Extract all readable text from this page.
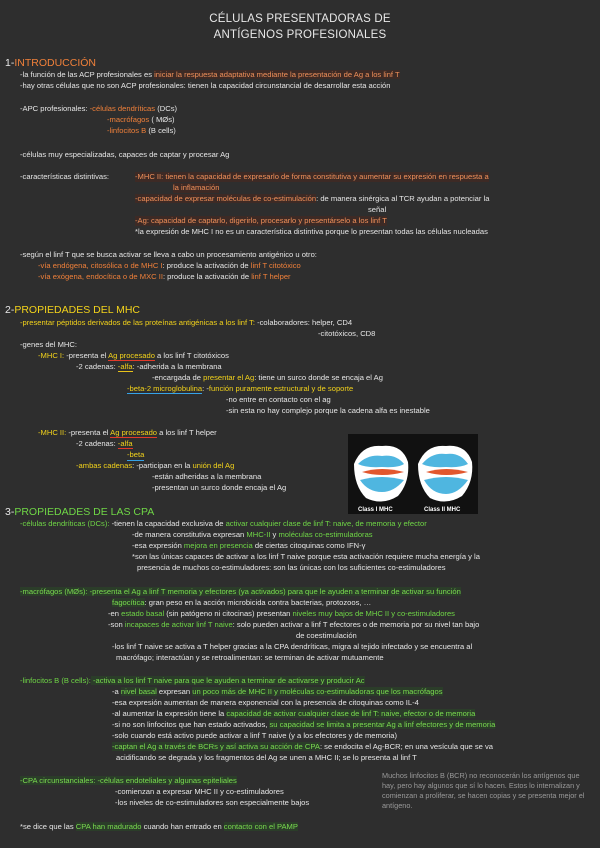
CÉLULAS PRESENTADORAS DE
ANTÍGENOS PROFESIONALES
1-INTRODUCCIÓN
-la función de las ACP profesionales es iniciar la respuesta adaptativa mediante la presentación de Ag a los linf T
-hay otras células que no son ACP profesionales: tienen la capacidad circunstancial de desarrollar esta acción
-APC profesionales: -células dendríticas (DCs)
-macrófagos ( MØs)
-linfocitos B (B cells)
-células muy especializadas, capaces de captar y procesar Ag
-características distintivas:	-MHC II: tienen la capacidad de expresarlo de forma constitutiva y aumentar su expresión en respuesta a
la inflamación
-capacidad de expresar moléculas de co-estimulación: de manera sinérgica al TCR ayudan a potenciar la
señal
-Ag: capacidad de captarlo, digerirlo, procesarlo y presentárselo a los linf T
*la expresión de MHC I no es un característica distintiva porque lo presentan todas las células nucleadas
-según el linf T que se busca activar se lleva a cabo un procesamiento antigénico u otro:
-vía endógena, citosólica o de MHC I: produce la activación de linf T citotóxico
-vía exógena, endocítica o de MXC II: produce la activación de linf T helper
2-PROPIEDADES DEL MHC
-presentar péptidos derivados de las proteínas antigénicas a los linf T: -colaboradores: helper, CD4
-citotóxicos, CD8
-genes del MHC:
-MHC I: -presenta el Ag procesado a los linf T citotóxicos
-2 cadenas: -alfa: -adherida a la membrana
-encargada de presentar el Ag: tiene un surco donde se encaja el Ag
-beta-2 microglobulina: -función puramente estructural y de soporte
-no entre en contacto con el ag
-sin esta no hay complejo porque la cadena alfa es inestable
-MHC II: -presenta el Ag procesado a los linf T helper
-2 cadenas: -alfa
-beta
-ambas cadenas: -participan en la unión del Ag
-están adheridas a la membrana
-presentan un surco donde encaja el Ag
Class I MHC	Class II MHC
3-PROPIEDADES DE LAS CPA
-células dendríticas (DCs): -tienen la capacidad exclusiva de activar cualquier clase de linf T: naive, de memoria y efector
-de manera constitutiva expresan MHC-II y moléculas co-estimuladoras
-esa expresión mejora en presencia de ciertas citoquinas como IFN-γ
*son las únicas capaces de activar a los linf T naive porque esta activación requiere mucha energía y la
presencia de muchos co-estimuladores: son las únicas con los suficientes co-estimuladores
-macrófagos (MØs): -presenta el Ag a linf T memoria y efectores (ya activados) para que le ayuden a terminar de activar su función
fagocítica: gran peso en la acción microbicida contra bacterias, protozoos, …
-en estado basal (sin patógeno ni citocinas) presentan niveles muy bajos de MHC II y co-estimuladores
-son incapaces de activar linf T naive: solo pueden activar a linf T efectores o de memoria por su nivel tan bajo
de coestimulación
-los linf T naive se activa a T helper gracias a la CPA dendríticas, migra al tejido infectado y se encuentra al
macrófago; interactúan y se retroalimentan: se terminan de activar mutuamente
-linfocitos B (B cells): -activa a los linf T naive para que le ayuden a terminar de activarse y producir Ac
-a nivel basal expresan un poco más de MHC II y moléculas co-estimuladoras que los macrófagos
-esa expresión aumentan de manera exponencial con la presencia de citoquinas como IL-4
-al aumentar la expresión tiene la capacidad de activar cualquier clase de linf T: naive, efector o de memoria
-si no son linfocitos que han estado activados, su capacidad se limita a presentar Ag a linf efectores y de memoria
-solo cuando está activo puede activar a linf T naive (y a los efectores y de memoria)
-captan el Ag a través de BCRs y así activa su acción de CPA: se endocita el Ag-BCR; en una vesícula que se va
acidificando se degrada y los fragmentos del Ag se unen a MHC II; se lo presenta al linf T
-CPA circunstanciales: -células endoteliales y algunas epiteliales
-comienzan a expresar MHC II y co-estimuladores
-los niveles de co-estimuladores son especialmente bajos
Muchos linfocitos B (BCR) no reconocerán los antígenos que hay, pero hay algunos que sí lo hacen. Estos lo internalizan y comienzan a proliferar, se hacen copias y se presenta mejor el antígeno.
*se dice que las CPA han madurado cuando han entrado en contacto con el PAMP
